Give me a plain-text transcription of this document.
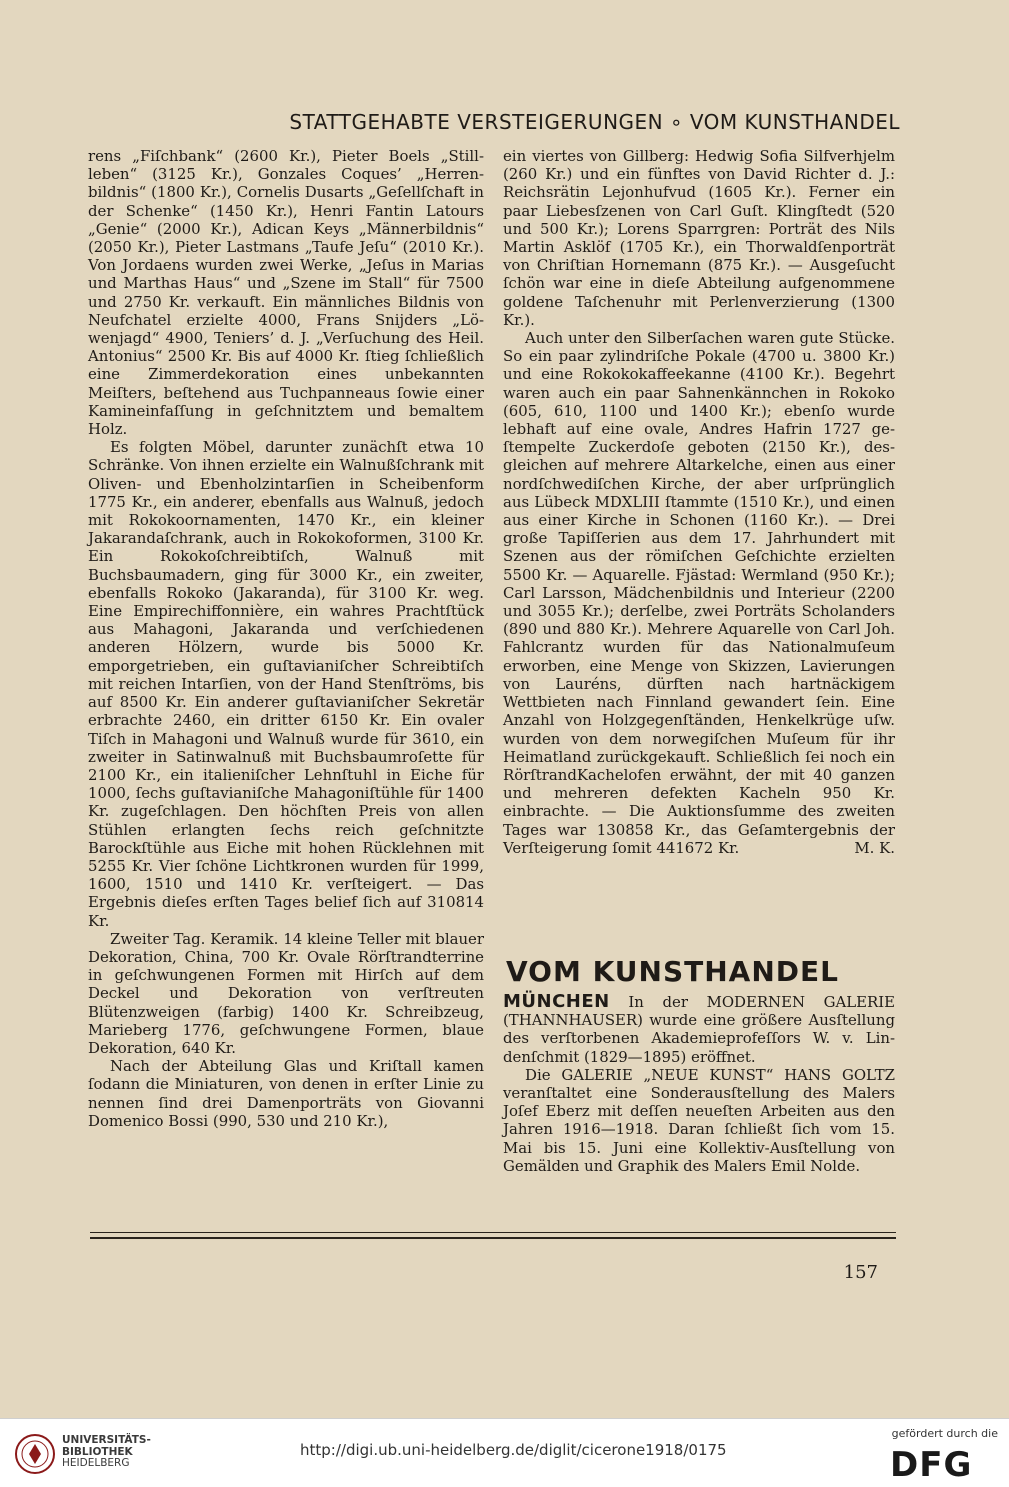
STATTGEHABTE VERSTEIGERUNGEN ∘ VOM KUNSTHANDEL

rens „Fiſchbank“ (2600 Kr.), Pieter Boels „Stillleben“ (3125 Kr.), Gonzales Coques’ „Herrenbildnis“ (1800 Kr.), Cornelis Dusarts „Geſellſchaft in der Schenke“ (1450 Kr.), Henri Fantin Latours „Genie“ (2000 Kr.), Adican Keys „Männerbildnis“ (2050 Kr.), Pieter Lastmans „Taufe Jeſu“ (2010 Kr.). Von Jordaens wurden zwei Werke, „Jeſus in Marias und Marthas Haus“ und „Szene im Stall“ für 7500 und 2750 Kr. verkauft. Ein männliches Bildnis von Neufchatel erzielte 4000, Frans Snijders „Löwenjagd“ 4900, Teniers’ d. J. „Verſuchung des Heil. Antonius“ 2500 Kr. Bis auf 4000 Kr. ſtieg ſchließlich eine Zimmerdekoration eines unbekannten Meiſters, beſtehend aus Tuchpanneaus ſowie einer Kamineinfaſſung in geſchnitztem und bemaltem Holz.

Es folgten Möbel, darunter zunächſt etwa 10 Schränke. Von ihnen erzielte ein Walnußſchrank mit Oliven- und Ebenholzintarſien in Scheibenform 1775 Kr., ein anderer, ebenfalls aus Walnuß, jedoch mit Rokokoornamenten, 1470 Kr., ein kleiner Jakarandaſchrank, auch in Rokokoformen, 3100 Kr. Ein Rokokoſchreibtiſch, Walnuß mit Buchsbaumadern, ging für 3000 Kr., ein zweiter, ebenfalls Rokoko (Jakaranda), für 3100 Kr. weg. Eine Empirechiffonnière, ein wahres Prachtſtück aus Mahagoni, Jakaranda und verſchiedenen anderen Hölzern, wurde bis 5000 Kr. emporgetrieben, ein guſtavianiſcher Schreibtiſch mit reichen Intarſien, von der Hand Stenſtröms, bis auf 8500 Kr. Ein anderer guſtavianiſcher Sekretär erbrachte 2460, ein dritter 6150 Kr. Ein ovaler Tiſch in Mahagoni und Walnuß wurde für 3610, ein zweiter in Satinwalnuß mit Buchsbaumroſette für 2100 Kr., ein italieniſcher Lehnſtuhl in Eiche für 1000, ſechs guſtavianiſche Mahagoniſtühle für 1400 Kr. zugeſchlagen. Den höchſten Preis von allen Stühlen erlangten ſechs reich geſchnitzte Barockſtühle aus Eiche mit hohen Rücklehnen mit 5255 Kr. Vier ſchöne Lichtkronen wurden für 1999, 1600, 1510 und 1410 Kr. verſteigert. — Das Ergebnis dieſes erſten Tages belief ſich auf 310814 Kr.

Zweiter Tag. Keramik. 14 kleine Teller mit blauer Dekoration, China, 700 Kr. Ovale Rörſtrandterrine in geſchwungenen Formen mit Hirſch auf dem Deckel und Dekoration von verſtreuten Blütenzweigen (farbig) 1400 Kr. Schreibzeug, Marieberg 1776, geſchwungene Formen, blaue Dekoration, 640 Kr.

Nach der Abteilung Glas und Kriſtall kamen ſodann die Miniaturen, von denen in erſter Linie zu nennen ſind drei Damenporträts von Giovanni Domenico Bossi (990, 530 und 210 Kr.),

ein viertes von Gillberg: Hedwig Sofia Silfverhjelm (260 Kr.) und ein fünftes von David Richter d. J.: Reichsrätin Lejonhufvud (1605 Kr.). Ferner ein paar Liebesſzenen von Carl Guſt. Klingſtedt (520 und 500 Kr.); Lorens Sparrgren: Porträt des Nils Martin Asklöf (1705 Kr.), ein Thorwaldſenporträt von Chriſtian Hornemann (875 Kr.). — Ausgeſucht ſchön war eine in dieſe Abteilung aufgenommene goldene Taſchenuhr mit Perlenverzierung (1300 Kr.).

Auch unter den Silberſachen waren gute Stücke. So ein paar zylindriſche Pokale (4700 u. 3800 Kr.) und eine Rokokokaffeekanne (4100 Kr.). Begehrt waren auch ein paar Sahnenkännchen in Rokoko (605, 610, 1100 und 1400 Kr.); ebenſo wurde lebhaft auf eine ovale, Andres Hafrin 1727 geſtempelte Zuckerdoſe geboten (2150 Kr.), desgleichen auf mehrere Altarkelche, einen aus einer nordſchwediſchen Kirche, der aber urſprünglich aus Lübeck MDXLIII ſtammte (1510 Kr.), und einen aus einer Kirche in Schonen (1160 Kr.). — Drei große Tapiſſerien aus dem 17. Jahrhundert mit Szenen aus der römiſchen Geſchichte erzielten 5500 Kr. — Aquarelle. Fjästad: Wermland (950 Kr.); Carl Larsson, Mädchenbildnis und Interieur (2200 und 3055 Kr.); derſelbe, zwei Porträts Scholanders (890 und 880 Kr.). Mehrere Aquarelle von Carl Joh. Fahlcrantz wurden für das Nationalmuſeum erworben, eine Menge von Skizzen, Lavierungen von Lauréns, dürften nach hartnäckigem Wettbieten nach Finnland gewandert ſein. Eine Anzahl von Holzgegenſtänden, Henkelkrüge uſw. wurden von dem norwegiſchen Muſeum für ihr Heimatland zurückgekauft. Schließlich ſei noch ein RörſtrandKachelofen erwähnt, der mit 40 ganzen und mehreren defekten Kacheln 950 Kr. einbrachte. — Die Auktionsſumme des zweiten Tages war 130858 Kr., das Geſamtergebnis der Verſteigerung ſomit 441672 Kr.	M. K.

VOM KUNSTHANDEL

MÜNCHEN In der MODERNEN GALERIE (THANNHAUSER) wurde eine größere Ausſtellung des verſtorbenen Akademieprofeſſors W. v. Lindenſchmit (1829—1895) eröffnet.

Die GALERIE „NEUE KUNST“ HANS GOLTZ veranſtaltet eine Sonderausſtellung des Malers Joſef Eberz mit deſſen neueſten Arbeiten aus den Jahren 1916—1918. Daran ſchließt ſich vom 15. Mai bis 15. Juni eine Kollektiv-Ausſtellung von Gemälden und Graphik des Malers Emil Nolde.

157
UNIVERSITÄTS-
BIBLIOTHEK
HEIDELBERG
http://digi.ub.uni-heidelberg.de/diglit/cicerone1918/0175
gefördert durch die
DFG
